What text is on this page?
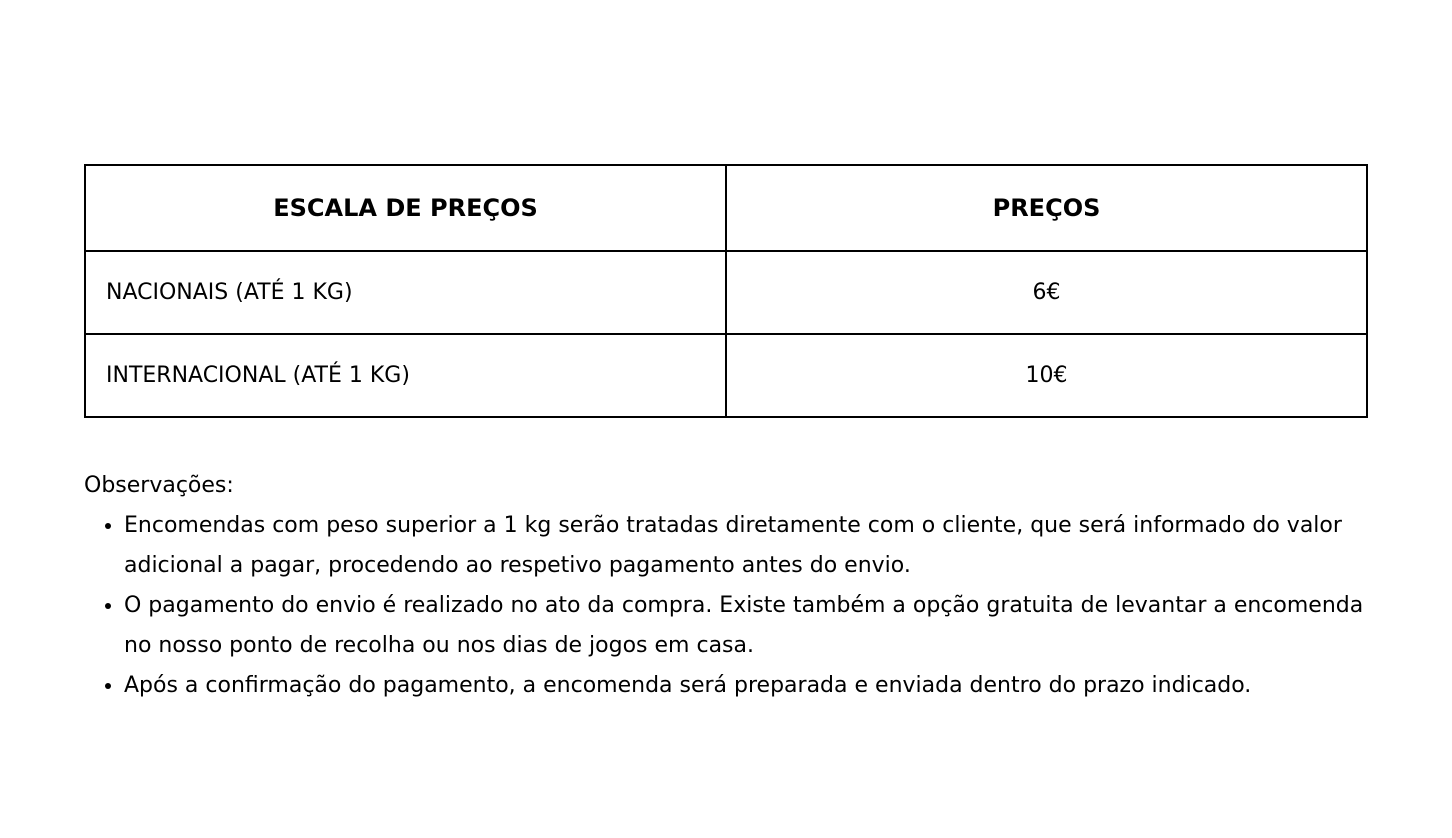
ESCALA DE PREÇOS	PREÇOS
NACIONAIS (ATÉ 1 KG)	6€
INTERNACIONAL (ATÉ 1 KG)	10€

Observações:

• Encomendas com peso superior a 1 kg serão tratadas diretamente com o cliente, que será informado do valor adicional a pagar, procedendo ao respetivo pagamento antes do envio.
• O pagamento do envio é realizado no ato da compra. Existe também a opção gratuita de levantar a encomenda no nosso ponto de recolha ou nos dias de jogos em casa.
• Após a confirmação do pagamento, a encomenda será preparada e enviada dentro do prazo indicado.
